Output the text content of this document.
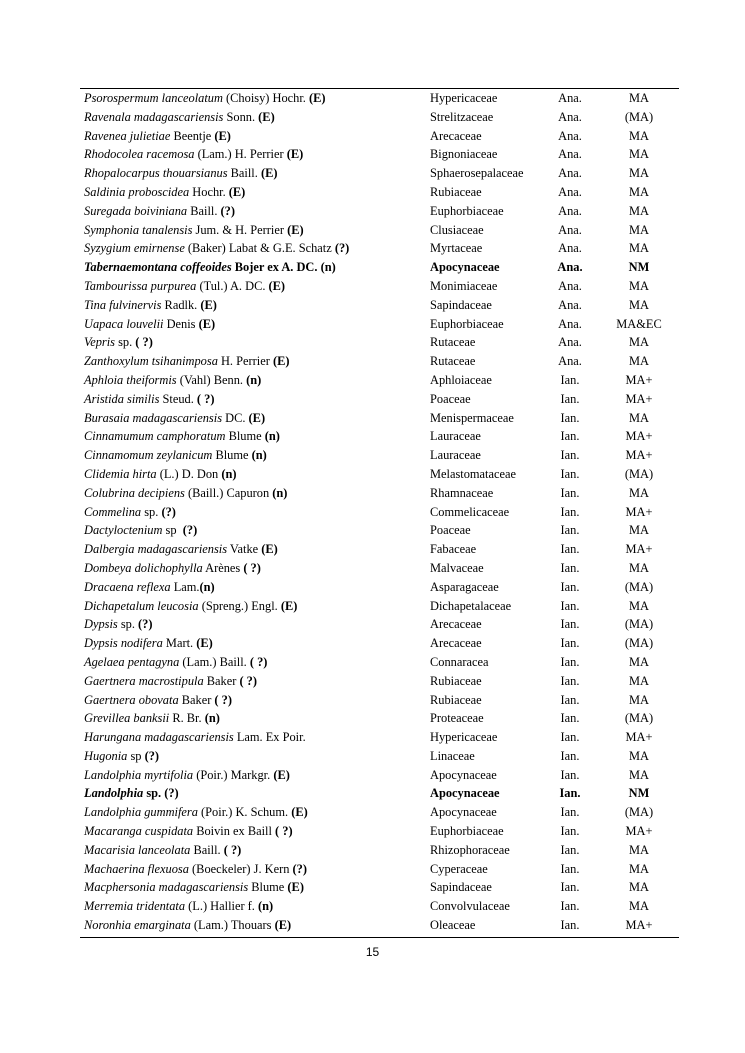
Psorospermum lanceolatum (Choisy) Hochr. (E)	Hypericaceae	Ana.	MA
Ravenala madagascariensis Sonn. (E)	Strelitzaceae	Ana.	(MA)
Ravenea julietiae Beentje (E)	Arecaceae	Ana.	MA
Rhodocolea racemosa (Lam.) H. Perrier (E)	Bignoniaceae	Ana.	MA
Rhopalocarpus thouarsianus Baill. (E)	Sphaerosepalaceae	Ana.	MA
Saldinia proboscidea Hochr. (E)	Rubiaceae	Ana.	MA
Suregada boiviniana Baill. (?)	Euphorbiaceae	Ana.	MA
Symphonia tanalensis Jum. & H. Perrier (E)	Clusiaceae	Ana.	MA
Syzygium emirnense (Baker) Labat & G.E. Schatz (?)	Myrtaceae	Ana.	MA
Tabernaemontana coffeoides Bojer ex A. DC. (n)	Apocynaceae	Ana.	NM
Tambourissa purpurea (Tul.) A. DC. (E)	Monimiaceae	Ana.	MA
Tina fulvinervis Radlk. (E)	Sapindaceae	Ana.	MA
Uapaca louvelii Denis (E)	Euphorbiaceae	Ana.	MA&EC
Vepris sp. ( ?)	Rutaceae	Ana.	MA
Zanthoxylum tsihanimposa H. Perrier (E)	Rutaceae	Ana.	MA
Aphloia theiformis (Vahl) Benn. (n)	Aphloiaceae	Ian.	MA+
Aristida similis Steud. ( ?)	Poaceae	Ian.	MA+
Burasaia madagascariensis DC. (E)	Menispermaceae	Ian.	MA
Cinnamumum camphoratum Blume (n)	Lauraceae	Ian.	MA+
Cinnamomum zeylanicum Blume (n)	Lauraceae	Ian.	MA+
Clidemia hirta (L.) D. Don (n)	Melastomataceae	Ian.	(MA)
Colubrina decipiens (Baill.) Capuron (n)	Rhamnaceae	Ian.	MA
Commelina sp. (?)	Commelicaceae	Ian.	MA+
Dactyloctenium sp  (?)	Poaceae	Ian.	MA
Dalbergia madagascariensis Vatke (E)	Fabaceae	Ian.	MA+
Dombeya dolichophylla Arènes ( ?)	Malvaceae	Ian.	MA
Dracaena reflexa Lam.(n)	Asparagaceae	Ian.	(MA)
Dichapetalum leucosia (Spreng.) Engl. (E)	Dichapetalaceae	Ian.	MA
Dypsis sp. (?)	Arecaceae	Ian.	(MA)
Dypsis nodifera Mart. (E)	Arecaceae	Ian.	(MA)
Agelaea pentagyna (Lam.) Baill. ( ?)	Connaracea	Ian.	MA
Gaertnera macrostipula Baker ( ?)	Rubiaceae	Ian.	MA
Gaertnera obovata Baker ( ?)	Rubiaceae	Ian.	MA
Grevillea banksii R. Br. (n)	Proteaceae	Ian.	(MA)
Harungana madagascariensis Lam. Ex Poir.	Hypericaceae	Ian.	MA+
Hugonia sp (?)	Linaceae	Ian.	MA
Landolphia myrtifolia (Poir.) Markgr. (E)	Apocynaceae	Ian.	MA
Landolphia sp. (?)	Apocynaceae	Ian.	NM
Landolphia gummifera (Poir.) K. Schum. (E)	Apocynaceae	Ian.	(MA)
Macaranga cuspidata Boivin ex Baill ( ?)	Euphorbiaceae	Ian.	MA+
Macarisia lanceolata Baill. ( ?)	Rhizophoraceae	Ian.	MA
Machaerina flexuosa (Boeckeler) J. Kern (?)	Cyperaceae	Ian.	MA
Macphersonia madagascariensis Blume (E)	Sapindaceae	Ian.	MA
Merremia tridentata (L.) Hallier f. (n)	Convolvulaceae	Ian.	MA
Noronhia emarginata (Lam.) Thouars (E)	Oleaceae	Ian.	MA+
15
